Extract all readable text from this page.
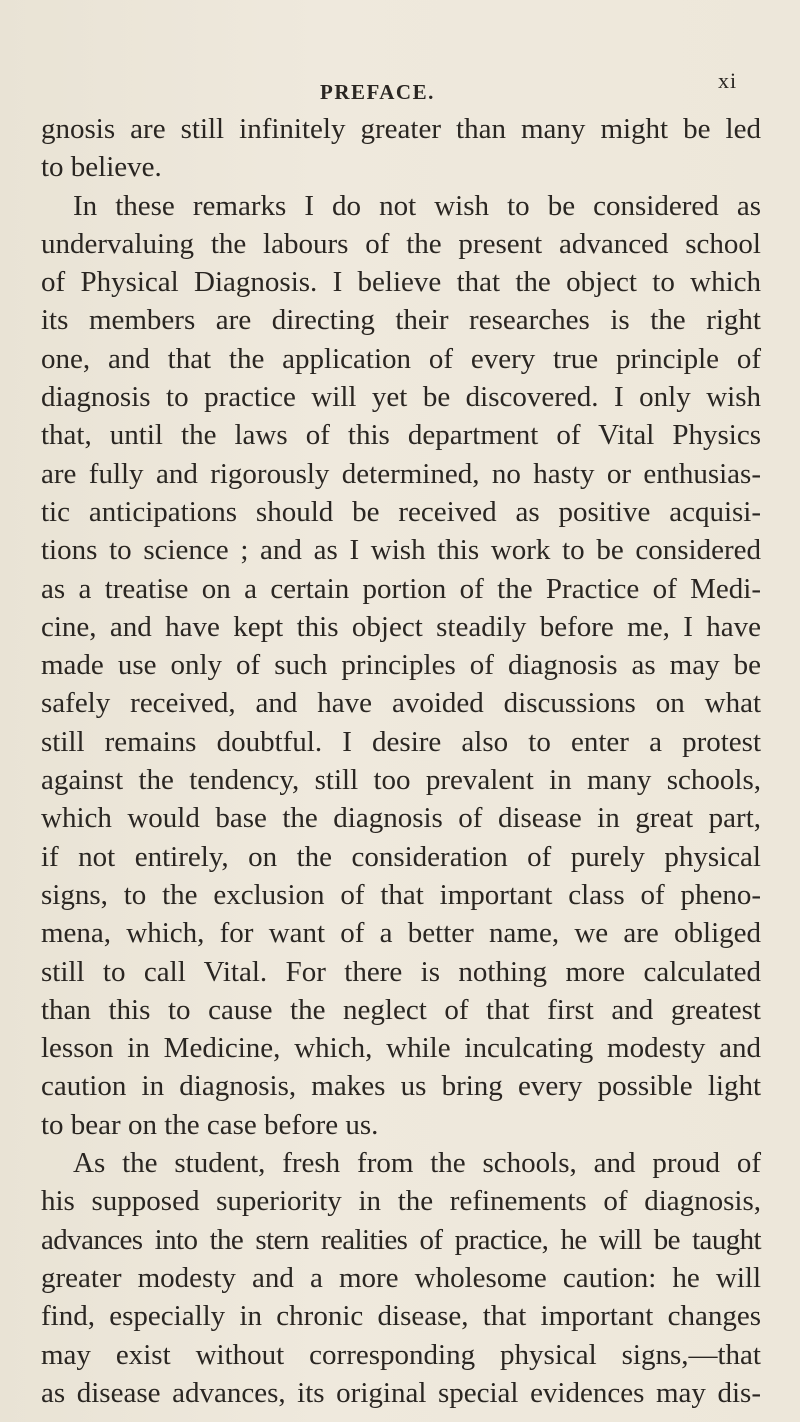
PREFACE.	xi
gnosis are still infinitely greater than many might be led
to believe.
In these remarks I do not wish to be considered as
undervaluing the labours of the present advanced school
of Physical Diagnosis. I believe that the object to which
its members are directing their researches is the right
one, and that the application of every true principle of
diagnosis to practice will yet be discovered. I only wish
that, until the laws of this department of Vital Physics
are fully and rigorously determined, no hasty or enthusias-
tic anticipations should be received as positive acquisi-
tions to science ; and as I wish this work to be considered
as a treatise on a certain portion of the Practice of Medi-
cine, and have kept this object steadily before me, I have
made use only of such principles of diagnosis as may be
safely received, and have avoided discussions on what
still remains doubtful. I desire also to enter a protest
against the tendency, still too prevalent in many schools,
which would base the diagnosis of disease in great part,
if not entirely, on the consideration of purely physical
signs, to the exclusion of that important class of pheno-
mena, which, for want of a better name, we are obliged
still to call Vital. For there is nothing more calculated
than this to cause the neglect of that first and greatest
lesson in Medicine, which, while inculcating modesty and
caution in diagnosis, makes us bring every possible light
to bear on the case before us.
As the student, fresh from the schools, and proud of
his supposed superiority in the refinements of diagnosis,
advances into the stern realities of practice, he will be taught
greater modesty and a more wholesome caution: he will
find, especially in chronic disease, that important changes
may exist without corresponding physical signs,—that
as disease advances, its original special evidences may dis-
